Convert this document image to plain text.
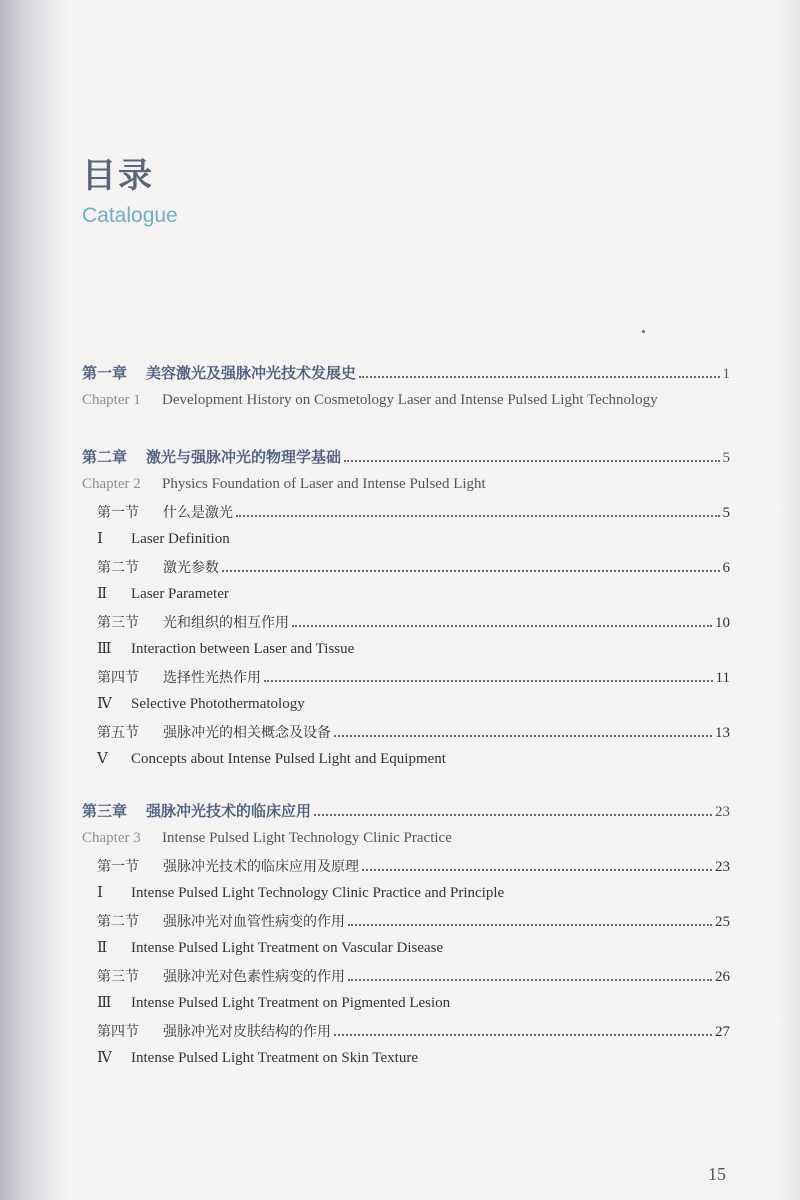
目录
Catalogue
第一章	美容激光及强脉冲光技术发展史	1
Chapter 1	Development History on Cosmetology Laser and Intense Pulsed Light Technology
第二章	激光与强脉冲光的物理学基础	5
Chapter 2	Physics Foundation of Laser and Intense Pulsed Light
第一节	什么是激光	5
Ⅰ	Laser Definition
第二节	激光参数	6
Ⅱ	Laser Parameter
第三节	光和组织的相互作用	10
Ⅲ	Interaction between Laser and Tissue
第四节	选择性光热作用	11
Ⅳ	Selective Photothermatology
第五节	强脉冲光的相关概念及设备	13
Ⅴ	Concepts about Intense Pulsed Light and Equipment
第三章	强脉冲光技术的临床应用	23
Chapter 3	Intense Pulsed Light Technology Clinic Practice
第一节	强脉冲光技术的临床应用及原理	23
Ⅰ	Intense Pulsed Light Technology Clinic Practice and Principle
第二节	强脉冲光对血管性病变的作用	25
Ⅱ	Intense Pulsed Light Treatment on Vascular Disease
第三节	强脉冲光对色素性病变的作用	26
Ⅲ	Intense Pulsed Light Treatment on Pigmented Lesion
第四节	强脉冲光对皮肤结构的作用	27
Ⅳ	Intense Pulsed Light Treatment on Skin Texture
15
